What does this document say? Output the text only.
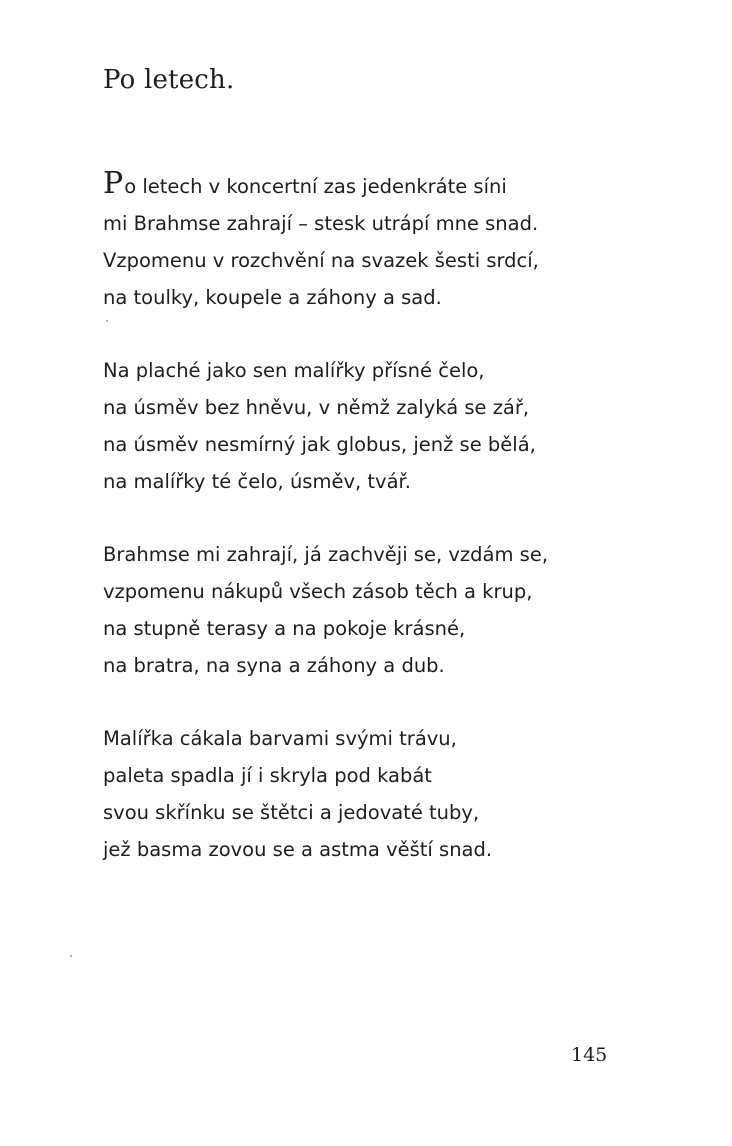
Po letech.
Po letech v koncertní zas jedenkráte síni
mi Brahmse zahrají – stesk utrápí mne snad.
Vzpomenu v rozchvění na svazek šesti srdcí,
na toulky, koupele a záhony a sad.
Na plaché jako sen malířky přísné čelo,
na úsměv bez hněvu, v němž zalyká se zář,
na úsměv nesmírný jak globus, jenž se bělá,
na malířky té čelo, úsměv, tvář.
Brahmse mi zahrají, já zachvěji se, vzdám se,
vzpomenu nákupů všech zásob těch a krup,
na stupně terasy a na pokoje krásné,
na bratra, na syna a záhony a dub.
Malířka cákala barvami svými trávu,
paleta spadla jí i skryla pod kabát
svou skřínku se štětci a jedovaté tuby,
jež basma zovou se a astma věští snad.
145
